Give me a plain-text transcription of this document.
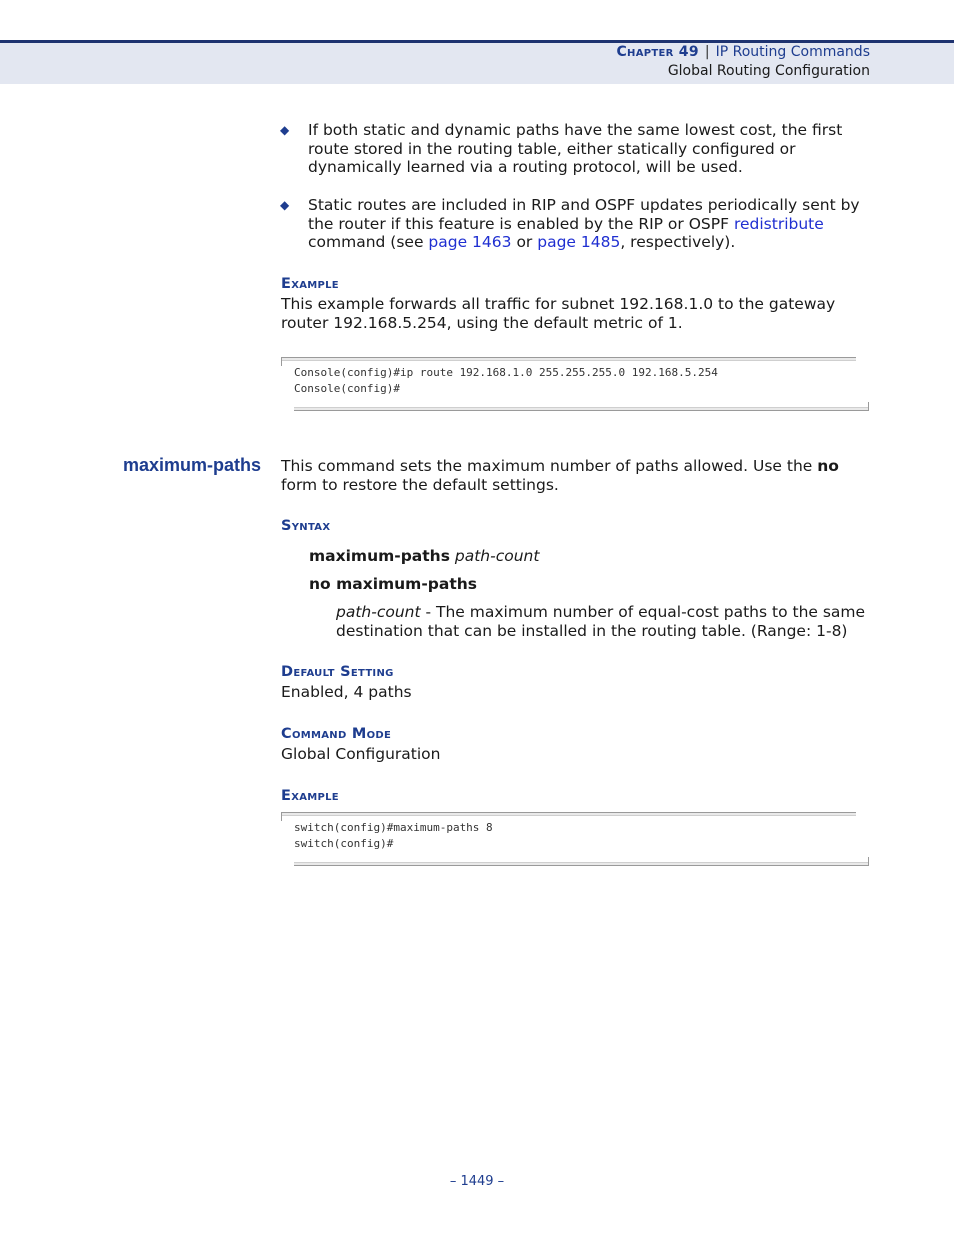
Chapter 49 | IP Routing Commands
Global Routing Configuration
◆ If both static and dynamic paths have the same lowest cost, the first route stored in the routing table, either statically configured or dynamically learned via a routing protocol, will be used.
◆ Static routes are included in RIP and OSPF updates periodically sent by the router if this feature is enabled by the RIP or OSPF redistribute command (see page 1463 or page 1485, respectively).
Example
This example forwards all traffic for subnet 192.168.1.0 to the gateway router 192.168.5.254, using the default metric of 1.
Console(config)#ip route 192.168.1.0 255.255.255.0 192.168.5.254
Console(config)#
maximum-paths This command sets the maximum number of paths allowed. Use the no form to restore the default settings.
Syntax
maximum-paths path-count
no maximum-paths
path-count - The maximum number of equal-cost paths to the same destination that can be installed in the routing table. (Range: 1-8)
Default Setting
Enabled, 4 paths
Command Mode
Global Configuration
Example
switch(config)#maximum-paths 8
switch(config)#
– 1449 –
